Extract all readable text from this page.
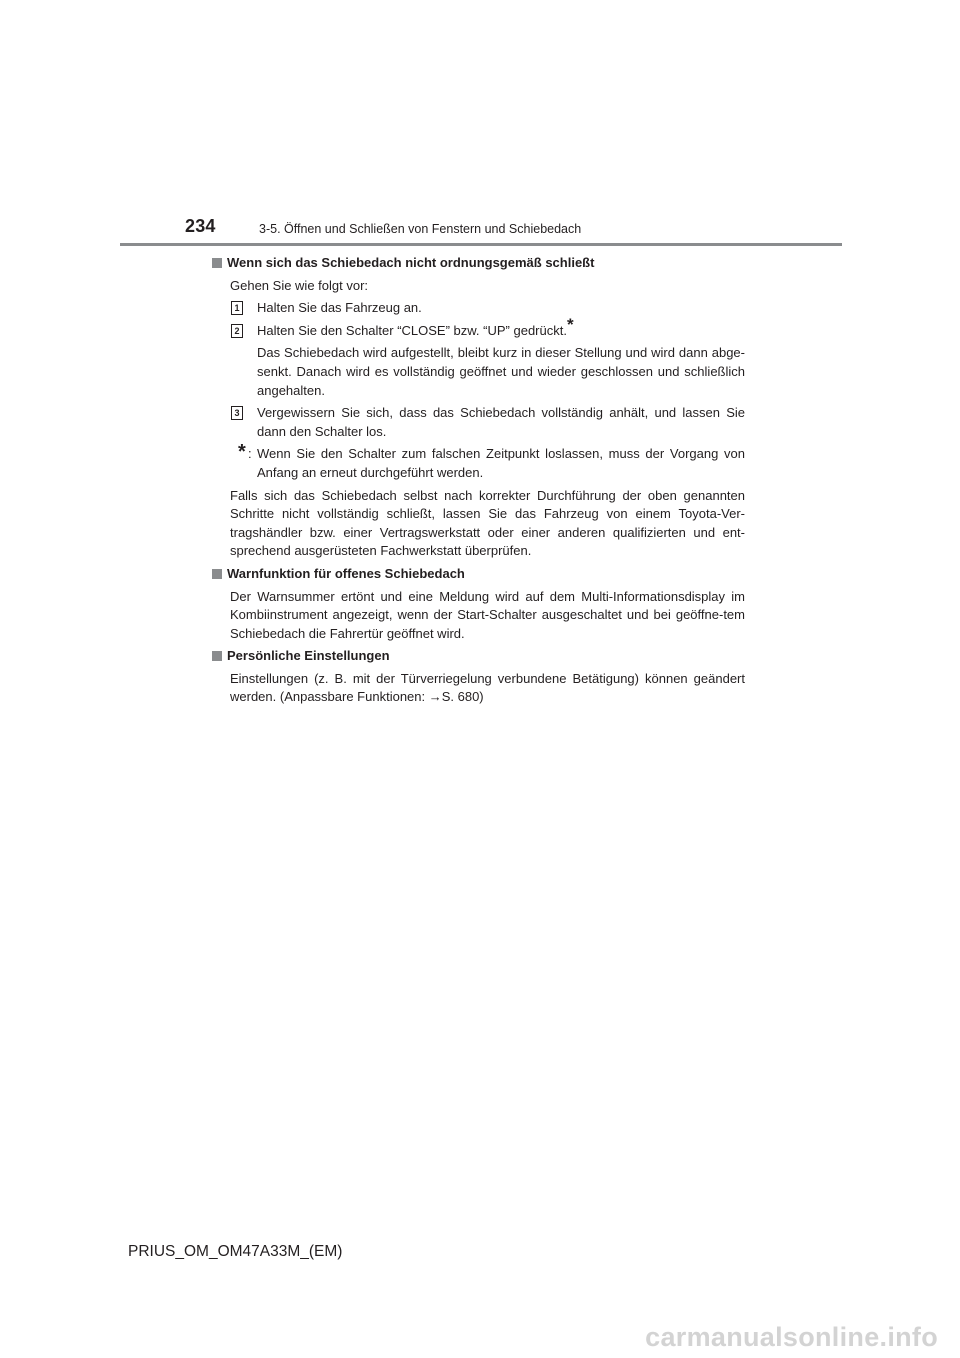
234	3-5. Öffnen und Schließen von Fenstern und Schiebedach
Wenn sich das Schiebedach nicht ordnungsgemäß schließt
Gehen Sie wie folgt vor:
1 Halten Sie das Fahrzeug an.
2 Halten Sie den Schalter “CLOSE” bzw. “UP” gedrückt.*
Das Schiebedach wird aufgestellt, bleibt kurz in dieser Stellung und wird dann abge-senkt. Danach wird es vollständig geöffnet und wieder geschlossen und schließlich angehalten.
3 Vergewissern Sie sich, dass das Schiebedach vollständig anhält, und lassen Sie dann den Schalter los.
* : Wenn Sie den Schalter zum falschen Zeitpunkt loslassen, muss der Vorgang von Anfang an erneut durchgeführt werden.
Falls sich das Schiebedach selbst nach korrekter Durchführung der oben genannten Schritte nicht vollständig schließt, lassen Sie das Fahrzeug von einem Toyota-Ver-tragshändler bzw. einer Vertragswerkstatt oder einer anderen qualifizierten und ent-sprechend ausgerüsteten Fachwerkstatt überprüfen.
Warnfunktion für offenes Schiebedach
Der Warnsummer ertönt und eine Meldung wird auf dem Multi-Informationsdisplay im Kombiinstrument angezeigt, wenn der Start-Schalter ausgeschaltet und bei geöffne-tem Schiebedach die Fahrertür geöffnet wird.
Persönliche Einstellungen
Einstellungen (z. B. mit der Türverriegelung verbundene Betätigung) können geändert werden. (Anpassbare Funktionen: →S. 680)
PRIUS_OM_OM47A33M_(EM)
carmanualsonline.info
